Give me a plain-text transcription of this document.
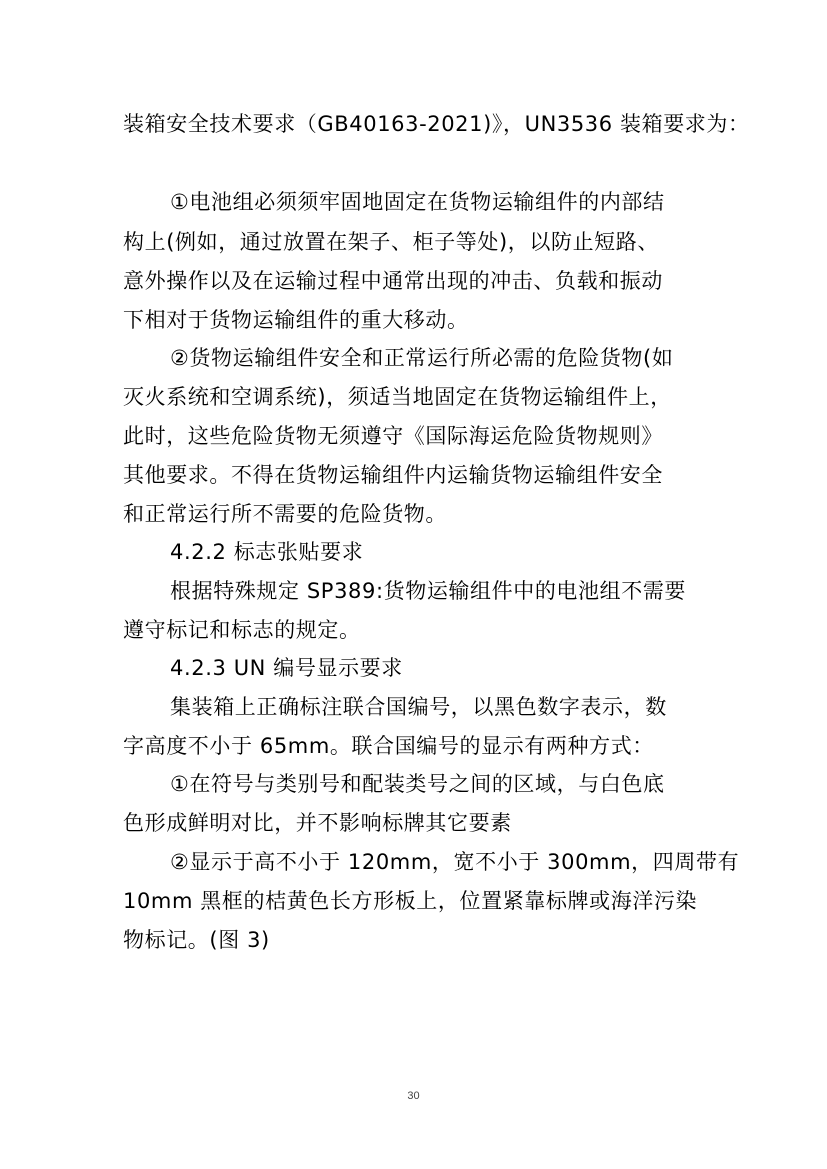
装箱安全技术要求（GB40163-2021)》，UN3536 装箱要求为：
①电池组必须须牢固地固定在货物运输组件的内部结
构上(例如，通过放置在架子、柜子等处)，以防止短路、
意外操作以及在运输过程中通常出现的冲击、负载和振动
下相对于货物运输组件的重大移动。
②货物运输组件安全和正常运行所必需的危险货物(如
灭火系统和空调系统)，须适当地固定在货物运输组件上，
此时，这些危险货物无须遵守《国际海运危险货物规则》
其他要求。不得在货物运输组件内运输货物运输组件安全
和正常运行所不需要的危险货物。
4.2.2 标志张贴要求
根据特殊规定 SP389:货物运输组件中的电池组不需要
遵守标记和标志的规定。
4.2.3 UN 编号显示要求
集装箱上正确标注联合国编号，以黑色数字表示，数
字高度不小于 65mm。联合国编号的显示有两种方式：
①在符号与类别号和配装类号之间的区域，与白色底
色形成鲜明对比，并不影响标牌其它要素
②显示于高不小于 120mm，宽不小于 300mm，四周带有
10mm 黑框的桔黄色长方形板上，位置紧靠标牌或海洋污染
物标记。(图 3)
30
